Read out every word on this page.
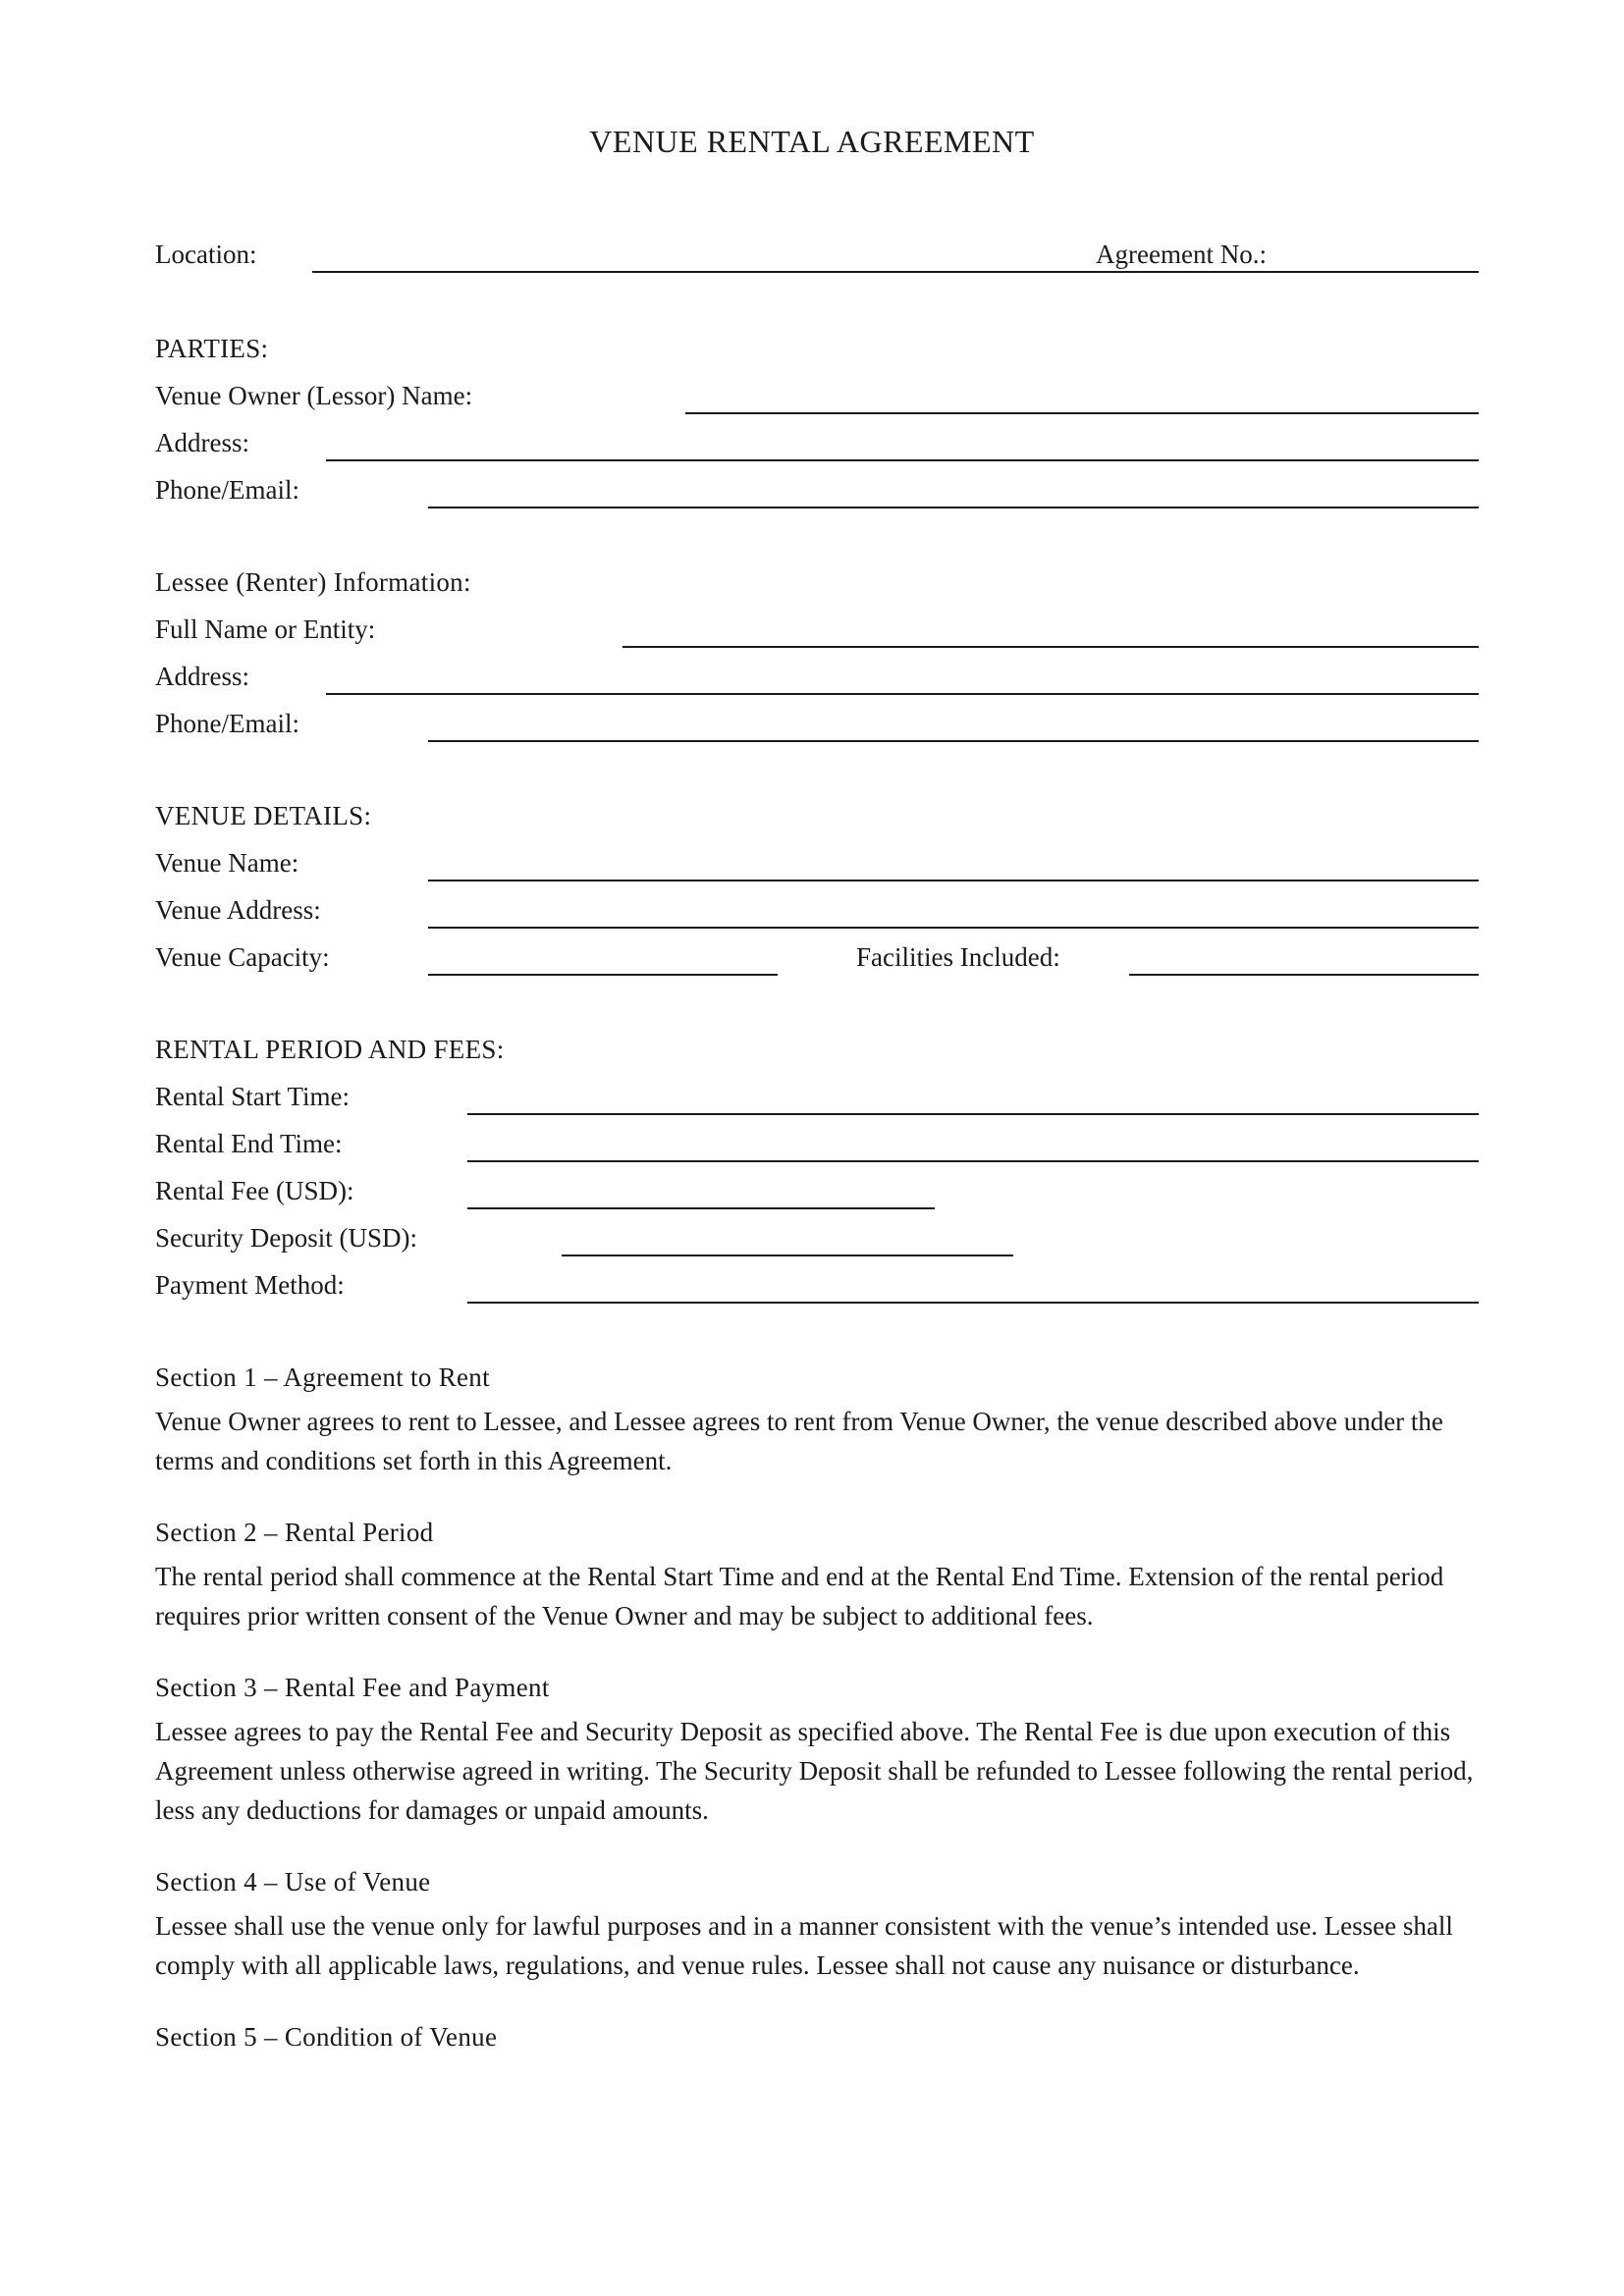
VENUE RENTAL AGREEMENT
Location:	Agreement No.:
PARTIES:
Venue Owner (Lessor) Name:
Address:
Phone/Email:
Lessee (Renter) Information:
Full Name or Entity:
Address:
Phone/Email:
VENUE DETAILS:
Venue Name:
Venue Address:
Venue Capacity:	Facilities Included:
RENTAL PERIOD AND FEES:
Rental Start Time:
Rental End Time:
Rental Fee (USD):
Security Deposit (USD):
Payment Method:
Section 1 – Agreement to Rent
Venue Owner agrees to rent to Lessee, and Lessee agrees to rent from Venue Owner, the venue described above under the terms and conditions set forth in this Agreement.
Section 2 – Rental Period
The rental period shall commence at the Rental Start Time and end at the Rental End Time. Extension of the rental period requires prior written consent of the Venue Owner and may be subject to additional fees.
Section 3 – Rental Fee and Payment
Lessee agrees to pay the Rental Fee and Security Deposit as specified above. The Rental Fee is due upon execution of this Agreement unless otherwise agreed in writing. The Security Deposit shall be refunded to Lessee following the rental period, less any deductions for damages or unpaid amounts.
Section 4 – Use of Venue
Lessee shall use the venue only for lawful purposes and in a manner consistent with the venue’s intended use. Lessee shall comply with all applicable laws, regulations, and venue rules. Lessee shall not cause any nuisance or disturbance.
Section 5 – Condition of Venue
